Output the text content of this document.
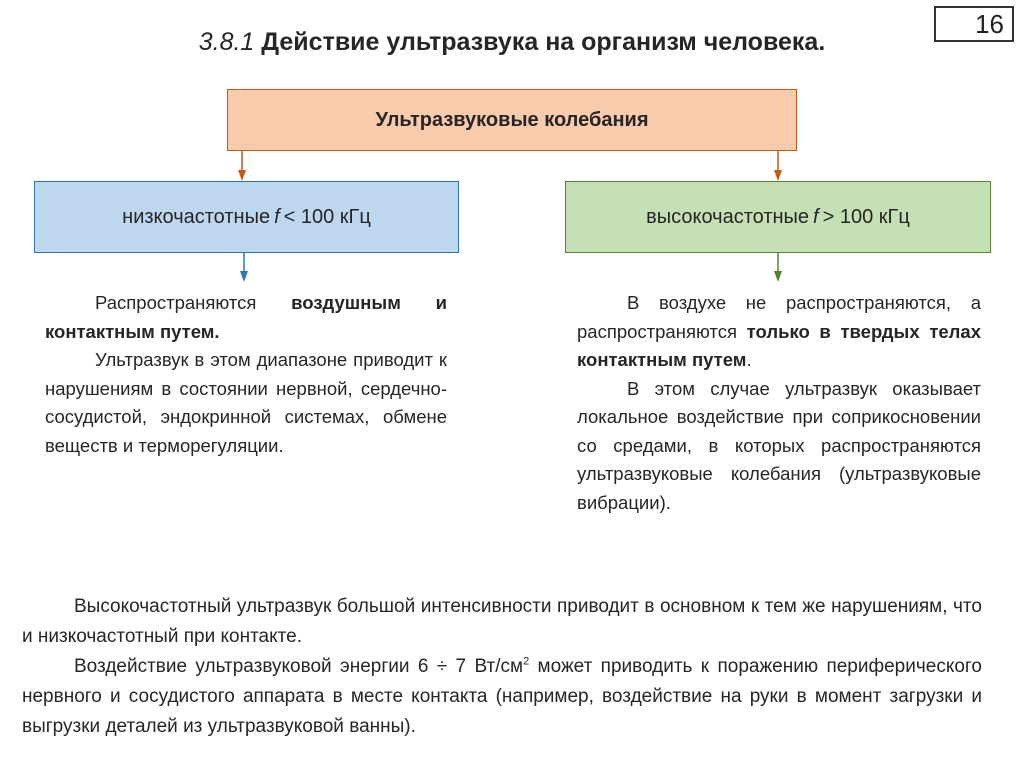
16
3.8.1 Действие ультразвука на организм человека.
Ультразвуковые колебания
низкочастотные f < 100 кГц	высокочастотные f > 100 кГц

Распространяются воздушным и контактным путем.

Ультразвук в этом диапазоне приводит к нарушениям в состоянии нервной, сердечно-сосудистой, эндокринной системах, обмене веществ и терморегуляции.

В воздухе не распространяются, а распространяются только в твердых телах контактным путем.

В этом случае ультразвук оказывает локальное воздействие при соприкосновении со средами, в которых распространяются ультразвуковые колебания (ультразвуковые вибрации).

Высокочастотный ультразвук большой интенсивности приводит в основном к тем же нарушениям, что и низкочастотный при контакте.

Воздействие ультразвуковой энергии 6 ÷ 7 $Вт/см^2$ может приводить к поражению периферического нервного и сосудистого аппарата в месте контакта (например, воздействие на руки в момент загрузки и выгрузки деталей из ультразвуковой ванны).
